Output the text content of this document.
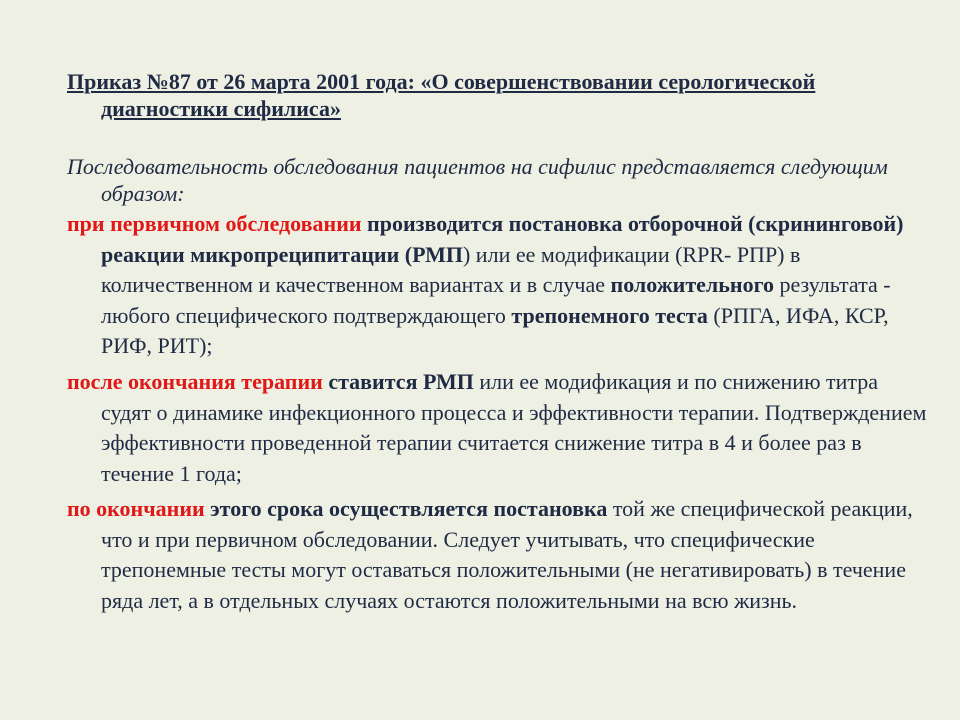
Приказ №87 от 26 марта 2001 года: «О совершенствовании серологической диагностики сифилиса»

Последовательность обследования пациентов на сифилис представляется следующим образом:

при первичном обследовании производится постановка отборочной (скрининговой) реакции микропреципитации (РМП) или ее модификации (RPR- РПР) в количественном и качественном вариантах и в случае положительного результата - любого специфического подтверждающего трепонемного теста (РПГА, ИФА, КСР, РИФ, РИТ);

после окончания терапии ставится РМП или ее модификация и по снижению титра судят о динамике инфекционного процесса и эффективности терапии. Подтверждением эффективности проведенной терапии считается снижение титра в 4 и более раз в течение 1 года;

по окончании этого срока осуществляется постановка той же специфической реакции, что и при первичном обследовании. Следует учитывать, что специфические трепонемные тесты могут оставаться положительными (не негативировать) в течение ряда лет, а в отдельных случаях остаются положительными на всю жизнь.
